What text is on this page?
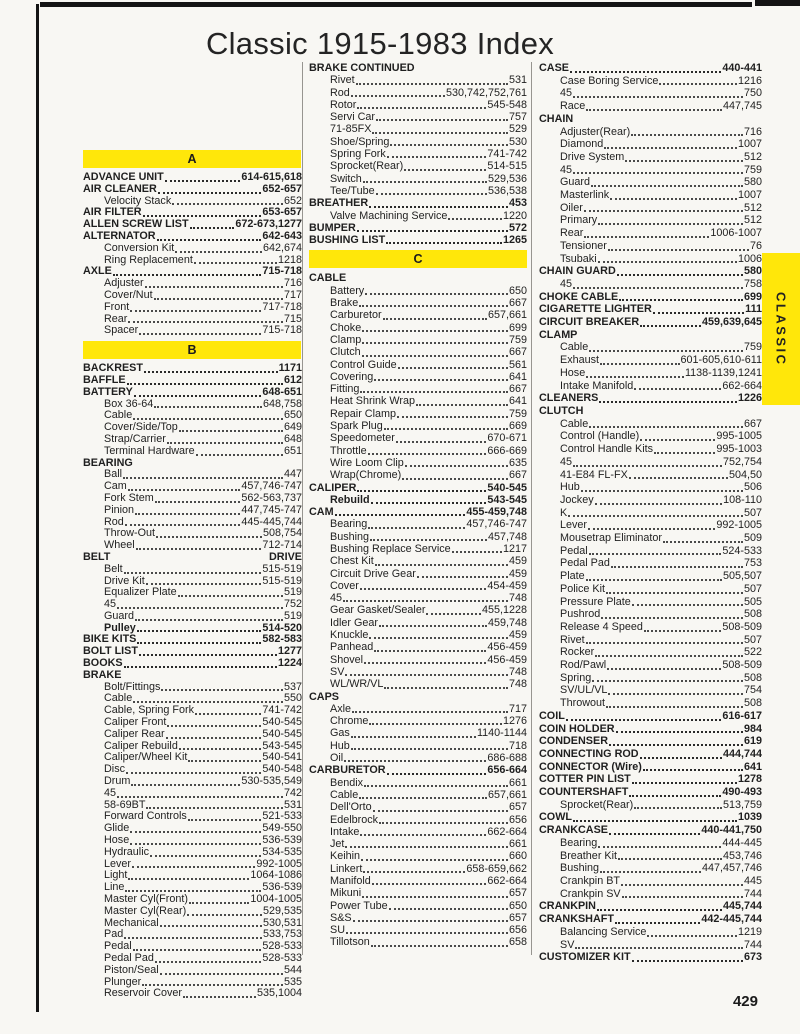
Classic 1915-1983 Index
A
ADVANCE UNIT	614-615,618
AIR CLEANER	652-657
Velocity Stack	652
AIR FILTER	653-657
ALLEN SCREW LIST	672-673,1277
ALTERNATOR	642-643
Conversion Kit	642,674
Ring Replacement	1218
AXLE	715-718
Adjuster	716
Cover/Nut	717
Front	717-718
Rear	715
Spacer	715-718
B
BACKREST	1171
BAFFLE	612
BATTERY	648-651
Box 36-64	648,758
Cable	650
Cover/Side/Top	649
Strap/Carrier	648
Terminal Hardware	651
BEARING
Ball	447
Cam	457,746-747
Fork Stem	562-563,737
Pinion	447,745-747
Rod	445-445,744
Throw-Out	508,754
Wheel	712-714
BELT	DRIVE
Belt	515-519
Drive Kit	515-519
Equalizer Plate	519
45	752
Guard	519
Pulley	514-520
BIKE KITS	582-583
BOLT LIST	1277
BOOKS	1224
BRAKE
Bolt/Fittings	537
Cable	550
Cable, Spring Fork	741-742
Caliper Front	540-545
Caliper Rear	540-545
Caliper Rebuild	543-545
Caliper/Wheel Kit	540-541
Disc	540-548
Drum	530-535,549
45	742
58-69BT	531
Forward Controls	521-533
Glide	549-550
Hose	536-539
Hydraulic	534-535
Lever	992-1005
Light	1064-1086
Line	536-539
Master Cyl(Front)	1004-1005
Master Cyl(Rear)	529,535
Mechanical	530,531
Pad	533,753
Pedal	528-533
Pedal Pad	528-533
Piston/Seal	544
Plunger	535
Reservoir Cover	535,1004
BRAKE CONTINUED
Rivet	531
Rod	530,742,752,761
Rotor	545-548
Servi Car	757
71-85FX	529
Shoe/Spring	530
Spring Fork	741-742
Sprocket(Rear)	514-515
Switch	529,536
Tee/Tube	536,538
BREATHER	453
Valve Machining Service	1220
BUMPER	572
BUSHING LIST	1265
C
CABLE
Battery	650
Brake	667
Carburetor	657,661
Choke	699
Clamp	759
Clutch	667
Control Guide	561
Covering	641
Fitting	667
Heat Shrink Wrap	641
Repair Clamp	759
Spark Plug	669
Speedometer	670-671
Throttle	666-669
Wire Loom Clip	635
Wrap(Chrome)	667
CALIPER	540-545
Rebuild	543-545
CAM	455-459,748
Bearing	457,746-747
Bushing	457,748
Bushing Replace Service	1217
Chest Kit	459
Circuit Drive Gear	459
Cover	454-459
45	748
Gear Gasket/Sealer	455,1228
Idler Gear	459,748
Knuckle	459
Panhead	456-459
Shovel	456-459
SV	748
WL/WR/VL	748
CAPS
Axle	717
Chrome	1276
Gas	1140-1144
Hub	718
Oil	686-688
CARBURETOR	656-664
Bendix	661
Cable	657,661
Dell'Orto	657
Edelbrock	656
Intake	662-664
Jet	661
Keihin	660
Linkert	658-659,662
Manifold	662-664
Mikuni	657
Power Tube	650
S&S	657
SU	656
Tillotson	658
CASE	440-441
Case Boring Service	1216
45	750
Race	447,745
CHAIN
Adjuster(Rear)	716
Diamond	1007
Drive System	512
45	759
Guard	580
Masterlink	1007
Oiler	512
Primary	512
Rear	1006-1007
Tensioner	76
Tsubaki	1006
CHAIN GUARD	580
45	758
CHOKE CABLE	699
CIGARETTE LIGHTER	111
CIRCUIT BREAKER	459,639,645
CLAMP
Cable	759
Exhaust	601-605,610-611
Hose	1138-1139,1241
Intake Manifold	662-664
CLEANERS	1226
CLUTCH
Cable	667
Control (Handle)	995-1005
Control Handle Kits	995-1003
45	752,754
41-E84 FL-FX	504,50
Hub	506
Jockey	108-110
K	507
Lever	992-1005
Mousetrap Eliminator	509
Pedal	524-533
Pedal Pad	753
Plate	505,507
Police Kit	507
Pressure Plate	505
Pushrod	508
Release 4 Speed	508-509
Rivet	507
Rocker	522
Rod/Pawl	508-509
Spring	508
SV/UL/VL	754
Throwout	508
COIL	616-617
COIN HOLDER	984
CONDENSER	619
CONNECTING ROD	444,744
CONNECTOR (Wire)	641
COTTER PIN LIST	1278
COUNTERSHAFT	490-493
Sprocket(Rear)	513,759
COWL	1039
CRANKCASE	440-441,750
Bearing	444-445
Breather Kit	453,746
Bushing	447,457,746
Crankpin BT	445
Crankpin SV	744
CRANKPIN	445,744
CRANKSHAFT	442-445,744
Balancing Service	1219
SV	744
CUSTOMIZER KIT	673
CLASSIC
429
